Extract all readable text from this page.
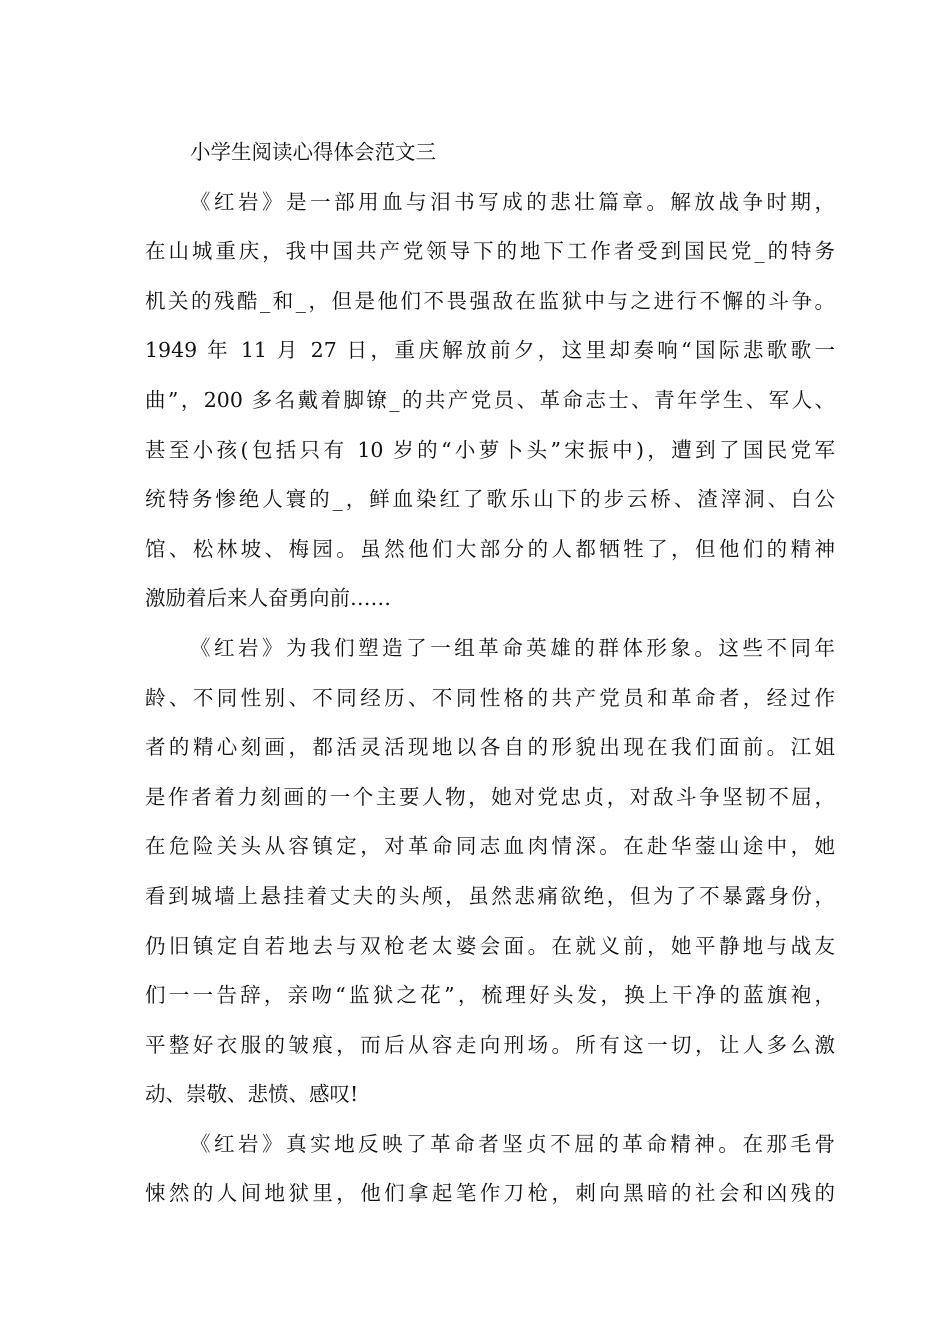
小学生阅读心得体会范文三
《红岩》是一部用血与泪书写成的悲壮篇章。解放战争时期，
在山城重庆，我中国共产党领导下的地下工作者受到国民党_的特务
机关的残酷_和_，但是他们不畏强敌在监狱中与之进行不懈的斗争。
1949 年 11 月 27 日，重庆解放前夕，这里却奏响“国际悲歌歌一
曲”，200 多名戴着脚镣_的共产党员、革命志士、青年学生、军人、
甚至小孩(包括只有 10 岁的“小萝卜头”宋振中)，遭到了国民党军
统特务惨绝人寰的_，鲜血染红了歌乐山下的步云桥、渣滓洞、白公
馆、松林坡、梅园。虽然他们大部分的人都牺牲了，但他们的精神
激励着后来人奋勇向前……
《红岩》为我们塑造了一组革命英雄的群体形象。这些不同年
龄、不同性别、不同经历、不同性格的共产党员和革命者，经过作
者的精心刻画，都活灵活现地以各自的形貌出现在我们面前。江姐
是作者着力刻画的一个主要人物，她对党忠贞，对敌斗争坚韧不屈，
在危险关头从容镇定，对革命同志血肉情深。在赴华蓥山途中，她
看到城墙上悬挂着丈夫的头颅，虽然悲痛欲绝，但为了不暴露身份，
仍旧镇定自若地去与双枪老太婆会面。在就义前，她平静地与战友
们一一告辞，亲吻“监狱之花”，梳理好头发，换上干净的蓝旗袍，
平整好衣服的皱痕，而后从容走向刑场。所有这一切，让人多么激
动、崇敬、悲愤、感叹!
《红岩》真实地反映了革命者坚贞不屈的革命精神。在那毛骨
悚然的人间地狱里，他们拿起笔作刀枪，刺向黑暗的社会和凶残的
